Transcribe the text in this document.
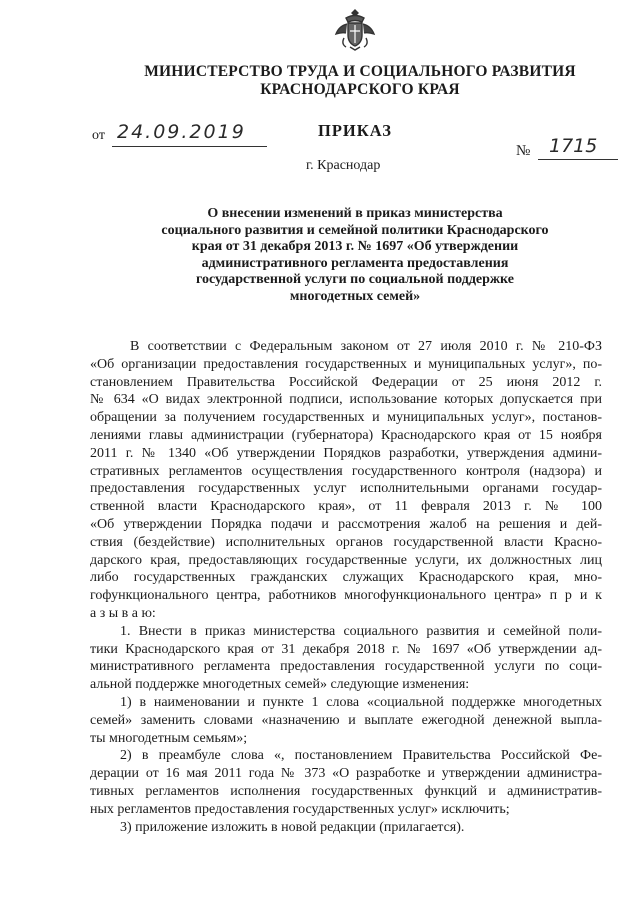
МИНИСТЕРСТВО ТРУДА И СОЦИАЛЬНОГО РАЗВИТИЯ
КРАСНОДАРСКОГО КРАЯ
ПРИКАЗ
от 24.09.2019
№ 1715
г. Краснодар
О внесении изменений в приказ министерства
социального развития и семейной политики Краснодарского
края от 31 декабря 2013 г. № 1697 «Об утверждении
административного регламента предоставления
государственной услуги по социальной поддержке
многодетных семей»
В соответствии с Федеральным законом от 27 июля 2010 г. № 210-ФЗ
«Об организации предоставления государственных и муниципальных услуг», по-
становлением Правительства Российской Федерации от 25 июня 2012 г.
№ 634 «О видах электронной подписи, использование которых допускается при
обращении за получением государственных и муниципальных услуг», постанов-
лениями главы администрации (губернатора) Краснодарского края от 15 ноября
2011 г. № 1340 «Об утверждении Порядков разработки, утверждения админи-
стративных регламентов осуществления государственного контроля (надзора) и
предоставления государственных услуг исполнительными органами государ-
ственной власти Краснодарского края», от 11 февраля 2013 г. № 100
«Об утверждении Порядка подачи и рассмотрения жалоб на решения и дей-
ствия (бездействие) исполнительных органов государственной власти Красно-
дарского края, предоставляющих государственные услуги, их должностных лиц
либо государственных гражданских служащих Краснодарского края, мно-
гофункционального центра, работников многофункционального центра» п р и к
а з ы в а ю:
1. Внести в приказ министерства социального развития и семейной поли-
тики Краснодарского края от 31 декабря 2018 г. № 1697 «Об утверждении ад-
министративного регламента предоставления государственной услуги по соци-
альной поддержке многодетных семей» следующие изменения:
1) в наименовании и пункте 1 слова «социальной поддержке многодетных
семей» заменить словами «назначению и выплате ежегодной денежной выпла-
ты многодетным семьям»;
2) в преамбуле слова «, постановлением Правительства Российской Фе-
дерации от 16 мая 2011 года № 373 «О разработке и утверждении администра-
тивных регламентов исполнения государственных функций и административ-
ных регламентов предоставления государственных услуг» исключить;
3) приложение изложить в новой редакции (прилагается).
